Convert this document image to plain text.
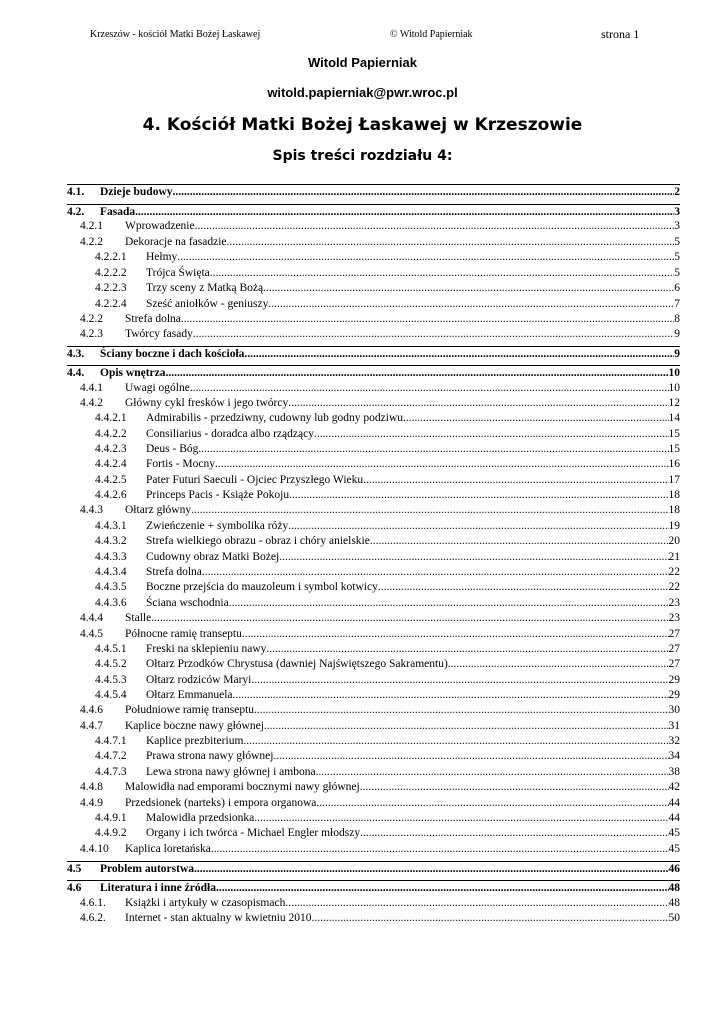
Krzeszów - kościół Matki Bożej Łaskawej	© Witold Papierniak	strona 1
Witold Papierniak
witold.papierniak@pwr.wroc.pl
4. Kościół Matki Bożej Łaskawej w Krzeszowie
Spis treści rozdziału 4:
4.1.	Dzieje budowy .....	2
4.2.	Fasada .....	3
4.2.1	Wprowadzenie .....	3
4.2.2	Dekoracje na fasadzie .....	5
4.2.2.1	Hełmy .....	5
4.2.2.2	Trójca Święta .....	5
4.2.2.3	Trzy sceny z Matką Bożą .....	6
4.2.2.4	Sześć aniołków - geniuszy .....	7
4.2.2	Strefa dolna .....	8
4.2.3	Twórcy fasady .....	9
4.3.	Ściany boczne i dach kościoła .....	9
4.4.	Opis wnętrza .....	10
4.4.1	Uwagi ogólne .....	10
4.4.2	Główny cykl fresków i jego twórcy .....	12
4.4.2.1	Admirabilis - przedziwny, cudowny lub godny podziwu .....	14
4.4.2.2	Consiliarius - doradca albo rządzący .....	15
4.4.2.3	Deus - Bóg .....	15
4.4.2.4	Fortis - Mocny .....	16
4.4.2.5	Pater Futuri Saeculi - Ojciec Przyszłego Wieku .....	17
4.4.2.6	Princeps Pacis - Książe Pokoju .....	18
4.4.3	Ołtarz główny .....	18
4.4.3.1	Zwieńczenie + symbolika róży .....	19
4.4.3.2	Strefa wielkiego obrazu - obraz i chóry anielskie .....	20
4.4.3.3	Cudowny obraz Matki Bożej .....	21
4.4.3.4	Strefa dolna .....	22
4.4.3.5	Boczne przejścia do mauzoleum i symbol kotwicy .....	22
4.4.3.6	Ściana wschodnia .....	23
4.4.4	Stalle .....	23
4.4.5	Północne ramię transeptu .....	27
4.4.5.1	Freski na sklepieniu nawy .....	27
4.4.5.2	Ołtarz Przodków Chrystusa (dawniej Najświętszego Sakramentu) .....	27
4.4.5.3	Ołtarz rodziców Maryi .....	29
4.4.5.4	Ołtarz Emmanuela .....	29
4.4.6	Południowe ramię transeptu .....	30
4.4.7	Kaplice boczne nawy głównej .....	31
4.4.7.1	Kaplice prezbiterium .....	32
4.4.7.2	Prawa strona nawy głównej .....	34
4.4.7.3	Lewa strona nawy głównej i ambona .....	38
4.4.8	Malowidła nad emporami bocznymi nawy głównej .....	42
4.4.9	Przedsionek (narteks) i empora organowa .....	44
4.4.9.1	Malowidła przedsionka .....	44
4.4.9.2	Organy i ich twórca - Michael Engler młodszy .....	45
4.4.10	Kaplica loretańska .....	45
4.5	Problem autorstwa .....	46
4.6	Literatura i inne źródła .....	48
4.6.1.	Książki i artykuły w czasopismach .....	48
4.6.2.	Internet - stan aktualny w kwietniu 2010 .....	50
